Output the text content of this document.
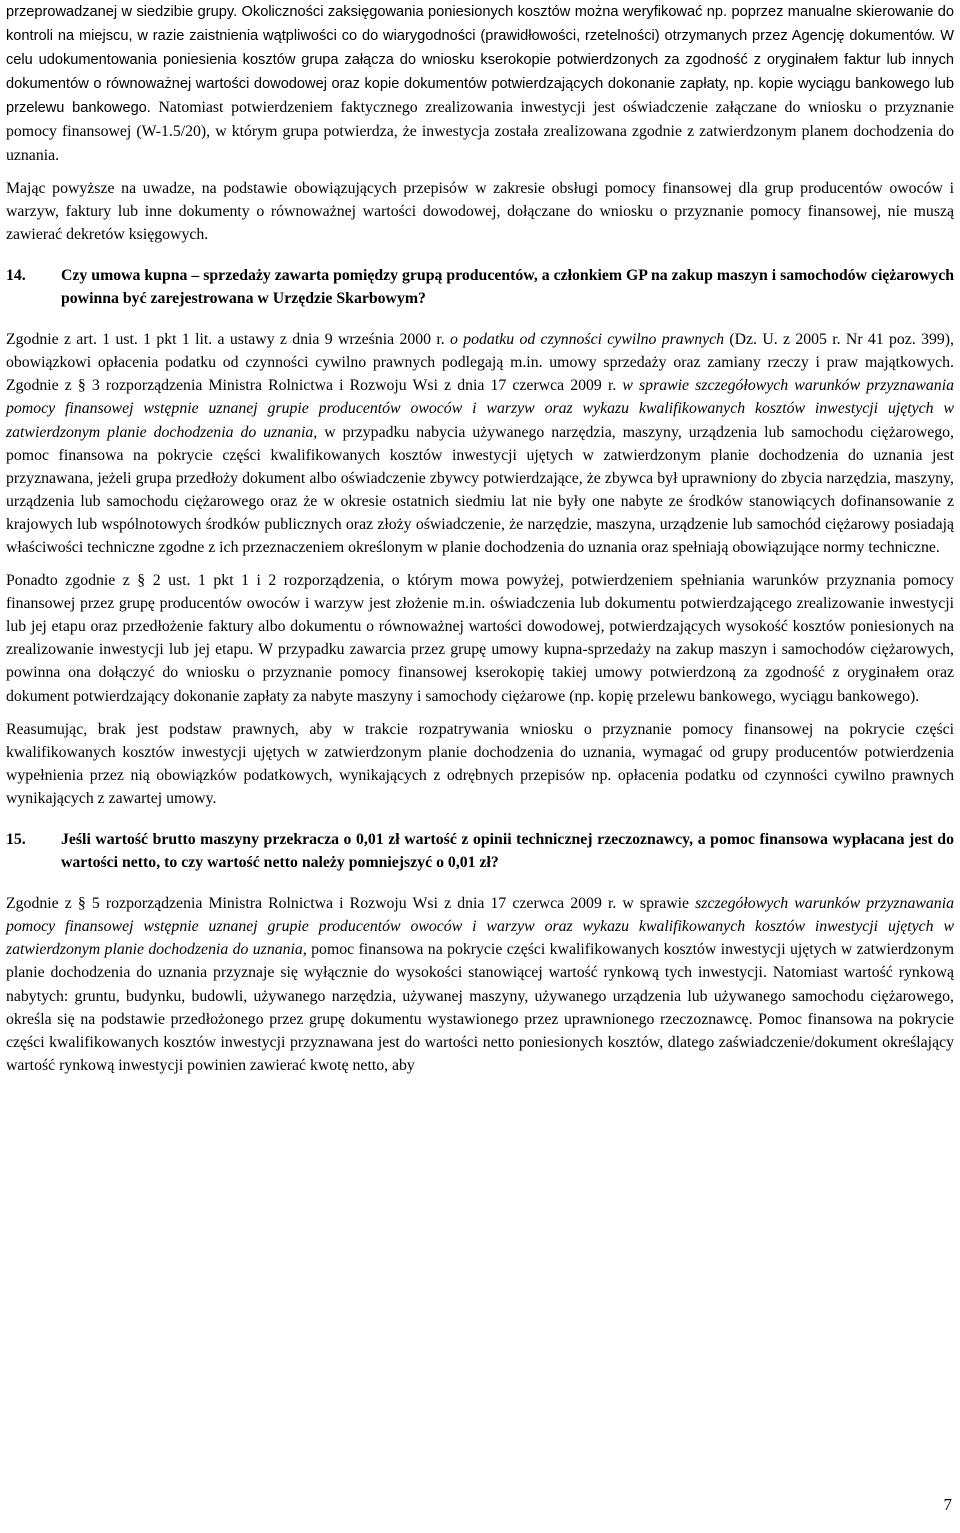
przeprowadzanej w siedzibie grupy. Okoliczności zaksięgowania poniesionych kosztów można weryfikować np. poprzez manualne skierowanie do kontroli na miejscu, w razie zaistnienia wątpliwości co do wiarygodności (prawidłowości, rzetelności) otrzymanych przez Agencję dokumentów. W celu udokumentowania poniesienia kosztów grupa załącza do wniosku kserokopie potwierdzonych za zgodność z oryginałem faktur lub innych dokumentów o równoważnej wartości dowodowej oraz kopie dokumentów potwierdzających dokonanie zapłaty, np. kopie wyciągu bankowego lub przelewu bankowego. Natomiast potwierdzeniem faktycznego zrealizowania inwestycji jest oświadczenie załączane do wniosku o przyznanie pomocy finansowej (W-1.5/20), w którym grupa potwierdza, że inwestycja została zrealizowana zgodnie z zatwierdzonym planem dochodzenia do uznania.

Mając powyższe na uwadze, na podstawie obowiązujących przepisów w zakresie obsługi pomocy finansowej dla grup producentów owoców i warzyw, faktury lub inne dokumenty o równoważnej wartości dowodowej, dołączane do wniosku o przyznanie pomocy finansowej, nie muszą zawierać dekretów księgowych.

14.	Czy umowa kupna – sprzedaży zawarta pomiędzy grupą producentów, a członkiem GP na zakup maszyn i samochodów ciężarowych powinna być zarejestrowana w Urzędzie Skarbowym?

Zgodnie z art. 1 ust. 1 pkt 1 lit. a ustawy z dnia 9 września 2000 r. o podatku od czynności cywilno prawnych (Dz. U. z 2005 r. Nr 41 poz. 399), obowiązkowi opłacenia podatku od czynności cywilno prawnych podlegają m.in. umowy sprzedaży oraz zamiany rzeczy i praw majątkowych. Zgodnie z § 3 rozporządzenia Ministra Rolnictwa i Rozwoju Wsi z dnia 17 czerwca 2009 r. w sprawie szczegółowych warunków przyznawania pomocy finansowej wstępnie uznanej grupie producentów owoców i warzyw oraz wykazu kwalifikowanych kosztów inwestycji ujętych w zatwierdzonym planie dochodzenia do uznania, w przypadku nabycia używanego narzędzia, maszyny, urządzenia lub samochodu ciężarowego, pomoc finansowa na pokrycie części kwalifikowanych kosztów inwestycji ujętych w zatwierdzonym planie dochodzenia do uznania jest przyznawana, jeżeli grupa przedłoży dokument albo oświadczenie zbywcy potwierdzające, że zbywca był uprawniony do zbycia narzędzia, maszyny, urządzenia lub samochodu ciężarowego oraz że w okresie ostatnich siedmiu lat nie były one nabyte ze środków stanowiących dofinansowanie z krajowych lub wspólnotowych środków publicznych oraz złoży oświadczenie, że narzędzie, maszyna, urządzenie lub samochód ciężarowy posiadają właściwości techniczne zgodne z ich przeznaczeniem określonym w planie dochodzenia do uznania oraz spełniają obowiązujące normy techniczne.

Ponadto zgodnie z § 2 ust. 1 pkt 1 i 2 rozporządzenia, o którym mowa powyżej, potwierdzeniem spełniania warunków przyznania pomocy finansowej przez grupę producentów owoców i warzyw jest złożenie m.in. oświadczenia lub dokumentu potwierdzającego zrealizowanie inwestycji lub jej etapu oraz przedłożenie faktury albo dokumentu o równoważnej wartości dowodowej, potwierdzających wysokość kosztów poniesionych na zrealizowanie inwestycji lub jej etapu. W przypadku zawarcia przez grupę umowy kupna-sprzedaży na zakup maszyn i samochodów ciężarowych, powinna ona dołączyć do wniosku o przyznanie pomocy finansowej kserokopię takiej umowy potwierdzoną za zgodność z oryginałem oraz dokument potwierdzający dokonanie zapłaty za nabyte maszyny i samochody ciężarowe (np. kopię przelewu bankowego, wyciągu bankowego).

Reasumując, brak jest podstaw prawnych, aby w trakcie rozpatrywania wniosku o przyznanie pomocy finansowej na pokrycie części kwalifikowanych kosztów inwestycji ujętych w zatwierdzonym planie dochodzenia do uznania, wymagać od grupy producentów potwierdzenia wypełnienia przez nią obowiązków podatkowych, wynikających z odrębnych przepisów np. opłacenia podatku od czynności cywilno prawnych wynikających z zawartej umowy.

15.	Jeśli wartość brutto maszyny przekracza o 0,01 zł wartość z opinii technicznej rzeczoznawcy, a pomoc finansowa wypłacana jest do wartości netto, to czy wartość netto należy pomniejszyć o 0,01 zł?

Zgodnie z § 5 rozporządzenia Ministra Rolnictwa i Rozwoju Wsi z dnia 17 czerwca 2009 r. w sprawie szczegółowych warunków przyznawania pomocy finansowej wstępnie uznanej grupie producentów owoców i warzyw oraz wykazu kwalifikowanych kosztów inwestycji ujętych w zatwierdzonym planie dochodzenia do uznania, pomoc finansowa na pokrycie części kwalifikowanych kosztów inwestycji ujętych w zatwierdzonym planie dochodzenia do uznania przyznaje się wyłącznie do wysokości stanowiącej wartość rynkową tych inwestycji. Natomiast wartość rynkową nabytych: gruntu, budynku, budowli, używanego narzędzia, używanej maszyny, używanego urządzenia lub używanego samochodu ciężarowego, określa się na podstawie przedłożonego przez grupę dokumentu wystawionego przez uprawnionego rzeczoznawcę. Pomoc finansowa na pokrycie części kwalifikowanych kosztów inwestycji przyznawana jest do wartości netto poniesionych kosztów, dlatego zaświadczenie/dokument określający wartość rynkową inwestycji powinien zawierać kwotę netto, aby

7
